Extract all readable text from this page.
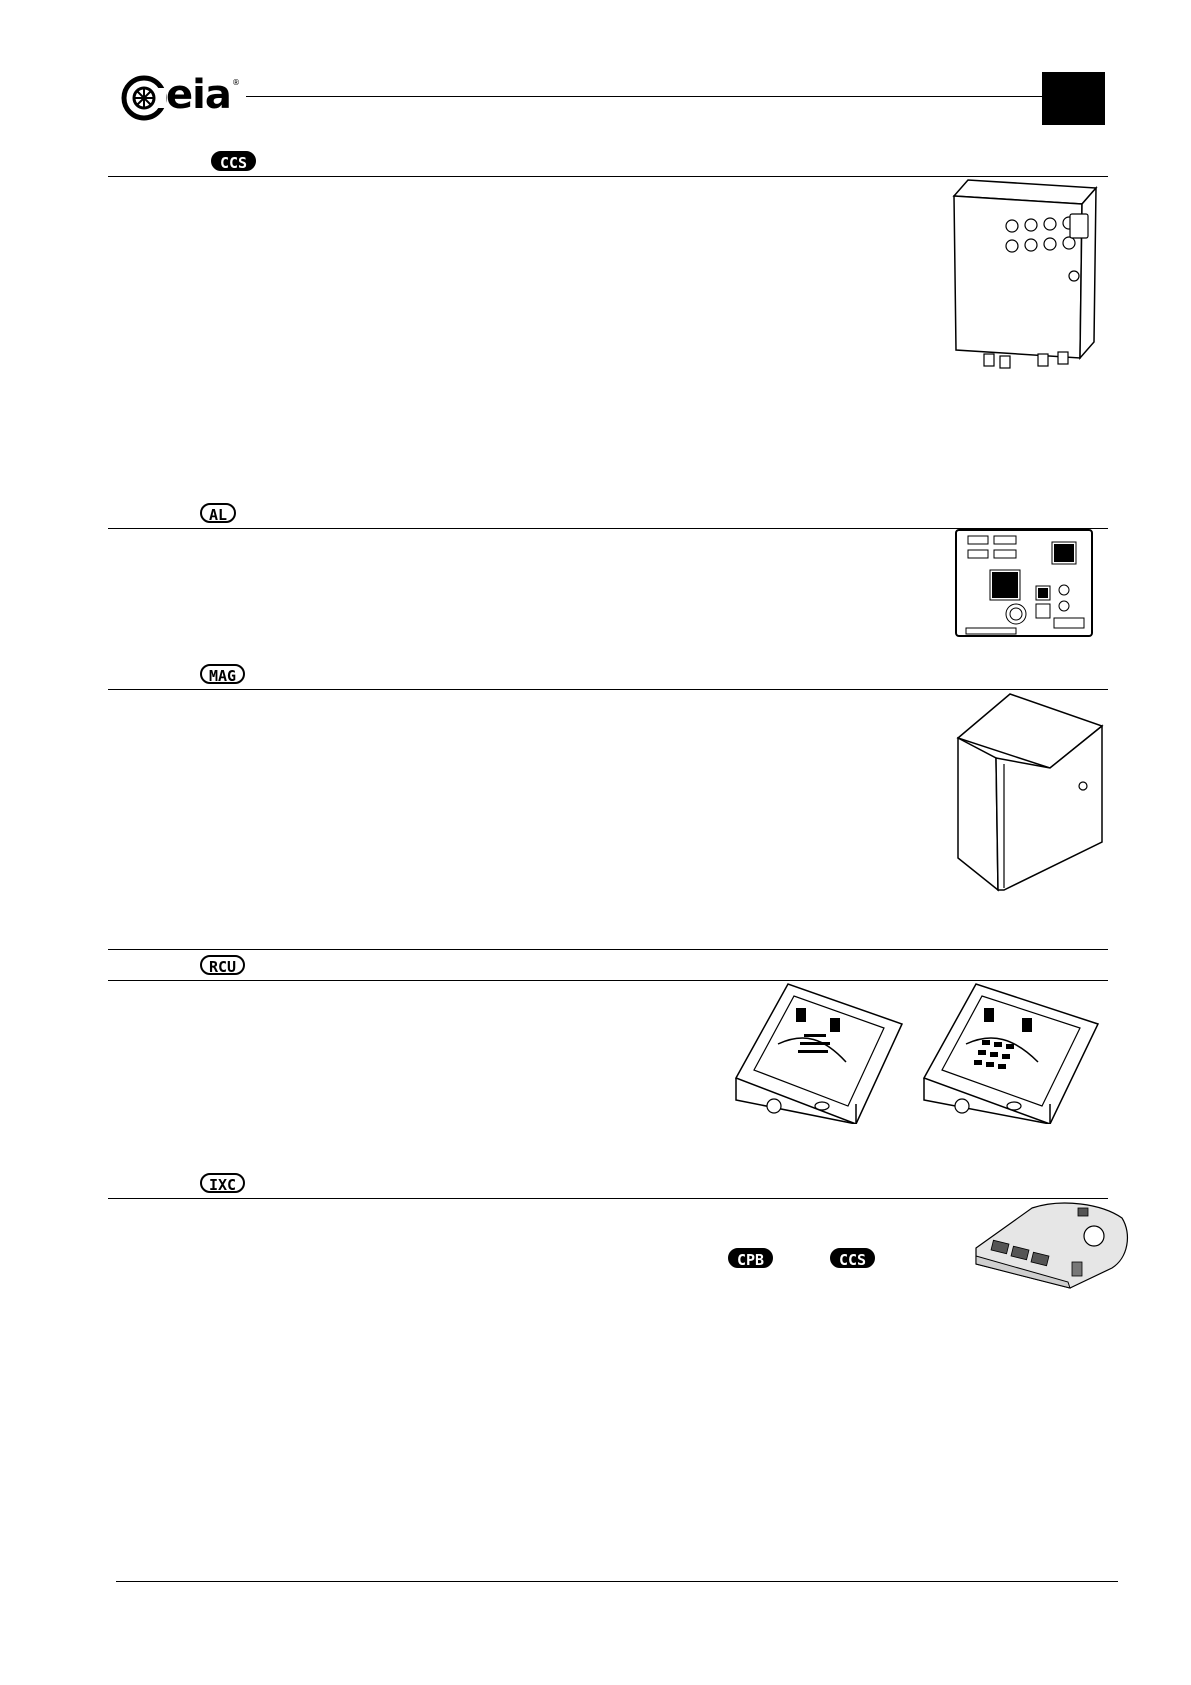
eia ®
CCS
AL
MAG
RCU
IXC
CPB	CCS
